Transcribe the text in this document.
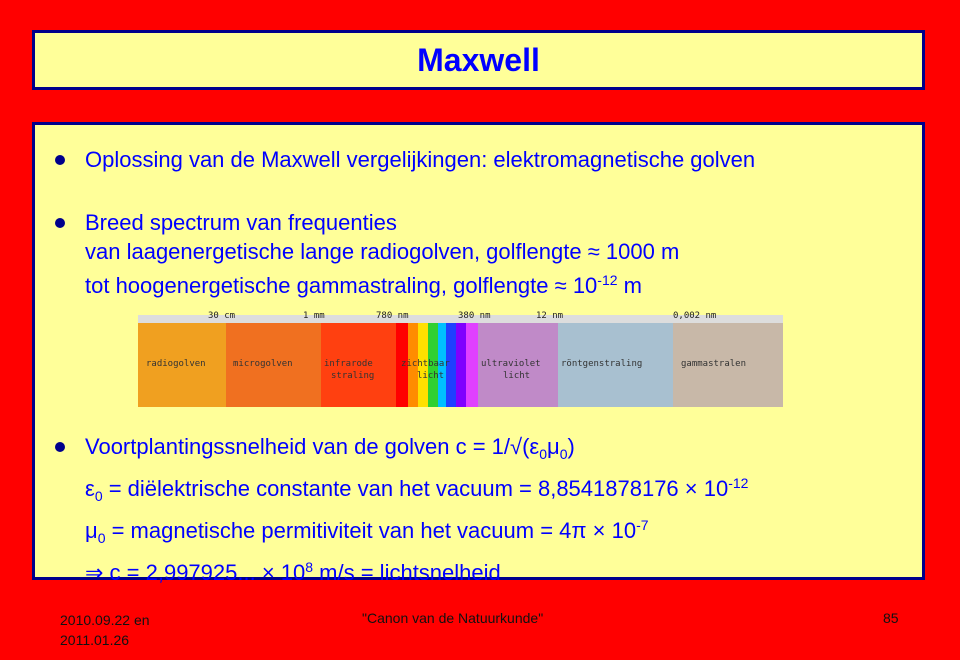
Maxwell
Oplossing van de Maxwell vergelijkingen: elektromagnetische golven
Breed spectrum van frequenties
van laagenergetische lange radiogolven, golflengte ≈ 1000 m
tot hoogenergetische gammastraling, golflengte ≈ $10^{-12}$ m
30 cm	1 mm	780 nm	380 nm	12 nm	0,002 nm
radiogolven	microgolven	infrarode
straling
zichtbaar
licht
ultraviolet
licht
röntgenstraling	gammastralen
Voortplantingssnelheid van de golven $c = 1/√(\varepsilon_0\mu_0)$
$\varepsilon_0$ = diëlektrische constante van het vacuum = $8,8541878176 \times 10^{-12}$
$\mu_0$ = magnetische permitiviteit van het vacuum = $4\pi \times 10^{-7}$
⇒ c = 2,997925... × $10^8$ m/s = lichtsnelheid
2010.09.22 en
2011.01.26
"Canon van de Natuurkunde"	85
